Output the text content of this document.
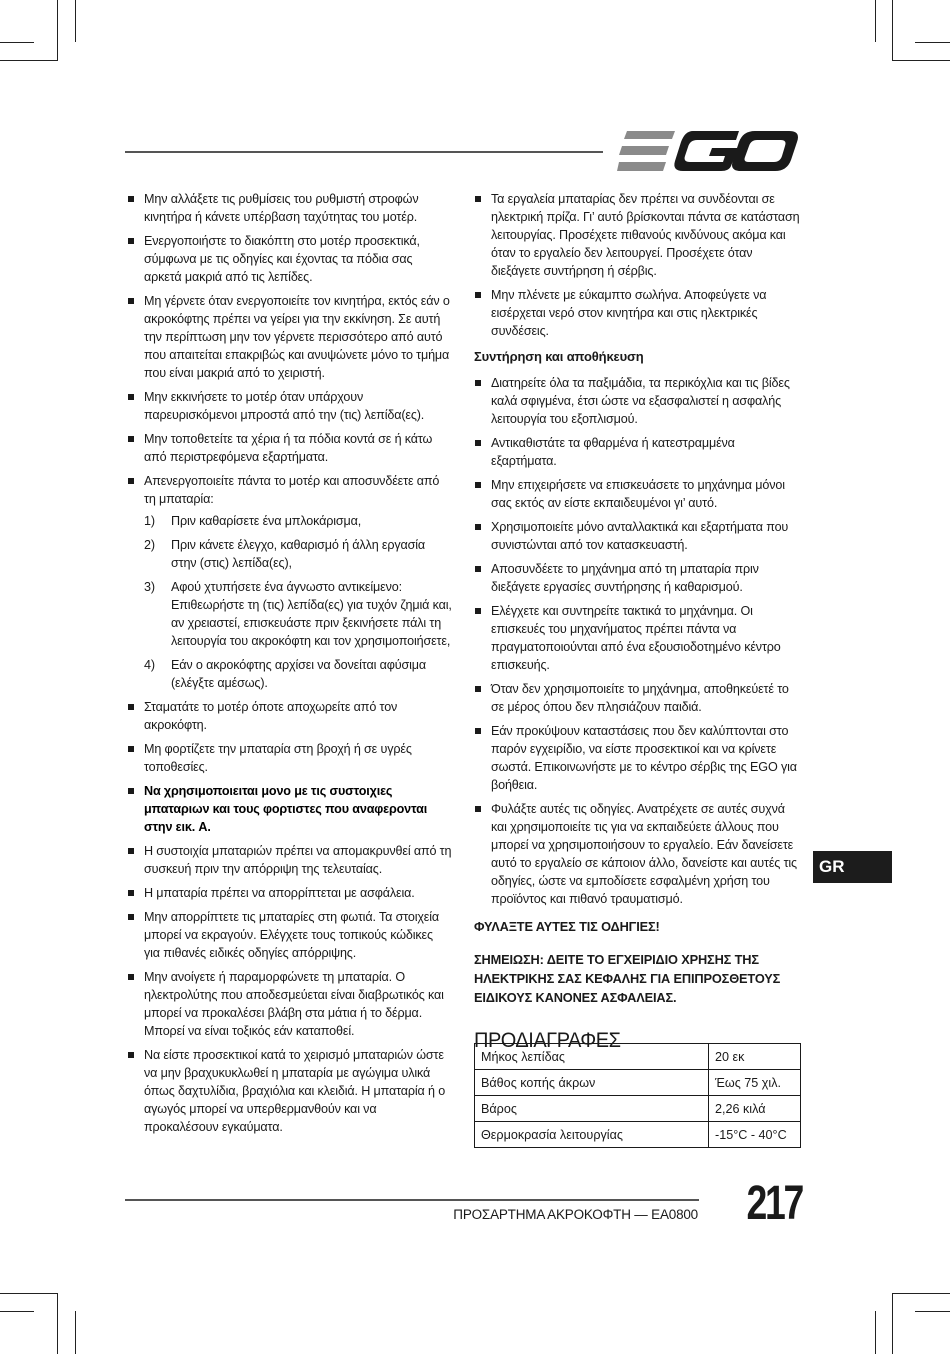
Μην αλλάξετε τις ρυθμίσεις του ρυθμιστή στροφών κινητήρα ή κάνετε υπέρβαση ταχύτητας του μοτέρ.
Ενεργοποιήστε το διακόπτη στο μοτέρ προσεκτικά, σύμφωνα με τις οδηγίες και έχοντας τα πόδια σας αρκετά μακριά από τις λεπίδες.
Μη γέρνετε όταν ενεργοποιείτε τον κινητήρα, εκτός εάν ο ακροκόφτης πρέπει να γείρει για την εκκίνηση. Σε αυτή την περίπτωση μην τον γέρνετε περισσότερο από αυτό που απαιτείται επακριβώς και ανυψώνετε μόνο το τμήμα που είναι μακριά από το χειριστή.
Μην εκκινήσετε το μοτέρ όταν υπάρχουν παρευρισκόμενοι μπροστά από την (τις) λεπίδα(ες).
Μην τοποθετείτε τα χέρια ή τα πόδια κοντά σε ή κάτω από περιστρεφόμενα εξαρτήματα.
Απενεργοποιείτε πάντα το μοτέρ και αποσυνδέετε από τη μπαταρία:
1) Πριν καθαρίσετε ένα μπλοκάρισμα,
2) Πριν κάνετε έλεγχο, καθαρισμό ή άλλη εργασία στην (στις) λεπίδα(ες),
3) Αφού χτυπήσετε ένα άγνωστο αντικείμενο: Επιθεωρήστε τη (τις) λεπίδα(ες) για τυχόν ζημιά και, αν χρειαστεί, επισκευάστε πριν ξεκινήσετε πάλι τη λειτουργία του ακροκόφτη και τον χρησιμοποιήσετε,
4) Εάν ο ακροκόφτης αρχίσει να δονείται αφύσιμα (ελέγξτε αμέσως).
Σταματάτε το μοτέρ όποτε αποχωρείτε από τον ακροκόφτη.
Μη φορτίζετε την μπαταρία στη βροχή ή σε υγρές τοποθεσίες.
Να χρησιμοποιειται μονο με τις συστοιχιες μπαταριων και τους φορτιστες που αναφερονται στην εικ. A.
Η συστοιχία μπαταριών πρέπει να απομακρυνθεί από τη συσκευή πριν την απόρριψη της τελευταίας.
Η μπαταρία πρέπει να απορρίπτεται με ασφάλεια.
Μην απορρίπτετε τις μπαταρίες στη φωτιά. Τα στοιχεία μπορεί να εκραγούν. Ελέγχετε τους τοπικούς κώδικες για πιθανές ειδικές οδηγίες απόρριψης.
Μην ανοίγετε ή παραμορφώνετε τη μπαταρία. Ο ηλεκτρολύτης που αποδεσμεύεται είναι διαβρωτικός και μπορεί να προκαλέσει βλάβη στα μάτια ή το δέρμα. Μπορεί να είναι τοξικός εάν καταποθεί.
Να είστε προσεκτικοί κατά το χειρισμό μπαταριών ώστε να μην βραχυκυκλωθεί η μπαταρία με αγώγιμα υλικά όπως δαχτυλίδια, βραχιόλια και κλειδιά. Η μπαταρία ή ο αγωγός μπορεί να υπερθερμανθούν και να προκαλέσουν εγκαύματα.
Τα εργαλεία μπαταρίας δεν πρέπει να συνδέονται σε ηλεκτρική πρίζα. Γι’ αυτό βρίσκονται πάντα σε κατάσταση λειτουργίας. Προσέχετε πιθανούς κινδύνους ακόμα και όταν το εργαλείο δεν λειτουργεί. Προσέχετε όταν διεξάγετε συντήρηση ή σέρβις.
Μην πλένετε με εύκαμπτο σωλήνα. Αποφεύγετε να εισέρχεται νερό στον κινητήρα και στις ηλεκτρικές συνδέσεις.
Συντήρηση και αποθήκευση
Διατηρείτε όλα τα παξιμάδια, τα περικόχλια και τις βίδες καλά σφιγμένα, έτσι ώστε να εξασφαλιστεί η ασφαλής λειτουργία του εξοπλισμού.
Αντικαθιστάτε τα φθαρμένα ή κατεστραμμένα εξαρτήματα.
Μην επιχειρήσετε να επισκευάσετε το μηχάνημα μόνοι σας εκτός αν είστε εκπαιδευμένοι γι’ αυτό.
Χρησιμοποιείτε μόνο ανταλλακτικά και εξαρτήματα που συνιστώνται από τον κατασκευαστή.
Αποσυνδέετε το μηχάνημα από τη μπαταρία πριν διεξάγετε εργασίες συντήρησης ή καθαρισμού.
Ελέγχετε και συντηρείτε τακτικά το μηχάνημα. Οι επισκευές του μηχανήματος πρέπει πάντα να πραγματοποιούνται από ένα εξουσιοδοτημένο κέντρο επισκευής.
Όταν δεν χρησιμοποιείτε το μηχάνημα, αποθηκεύετέ το σε μέρος όπου δεν πλησιάζουν παιδιά.
Εάν προκύψουν καταστάσεις που δεν καλύπτονται στο παρόν εγχειρίδιο, να είστε προσεκτικοί και να κρίνετε σωστά. Επικοινωνήστε με το κέντρο σέρβις της EGO για βοήθεια.
Φυλάξτε αυτές τις οδηγίες. Ανατρέχετε σε αυτές συχνά και χρησιμοποιείτε τις για να εκπαιδεύετε άλλους που μπορεί να χρησιμοποιήσουν το εργαλείο. Εάν δανείσετε αυτό το εργαλείο σε κάποιον άλλο, δανείστε και αυτές τις οδηγίες, ώστε να εμποδίσετε εσφαλμένη χρήση του προϊόντος και πιθανό τραυματισμό.

ΦΥΛΑΞΤΕ ΑΥΤΕΣ ΤΙΣ ΟΔΗΓΙΕΣ!

ΣΗΜΕΙΩΣΗ: ΔΕΙΤΕ ΤΟ ΕΓΧΕΙΡΙΔΙΟ ΧΡΗΣΗΣ ΤΗΣ ΗΛΕΚΤΡΙΚΗΣ ΣΑΣ ΚΕΦΑΛΗΣ ΓΙΑ ΕΠΙΠΡΟΣΘΕΤΟΥΣ ΕΙΔΙΚΟΥΣ ΚΑΝΟΝΕΣ ΑΣΦΑΛΕΙΑΣ.

ΠΡΟΔΙΑΓΡΑΦΕΣ
Μήκος λεπίδας	20 εκ
Βάθος κοπής άκρων	Έως 75 χιλ.
Βάρος	2,26 κιλά
Θερμοκρασία λειτουργίας	-15°C - 40°C
GR
ΠΡΟΣΑΡΤΗΜΑ ΑΚΡΟΚΟΦΤΗ — EA0800	217
